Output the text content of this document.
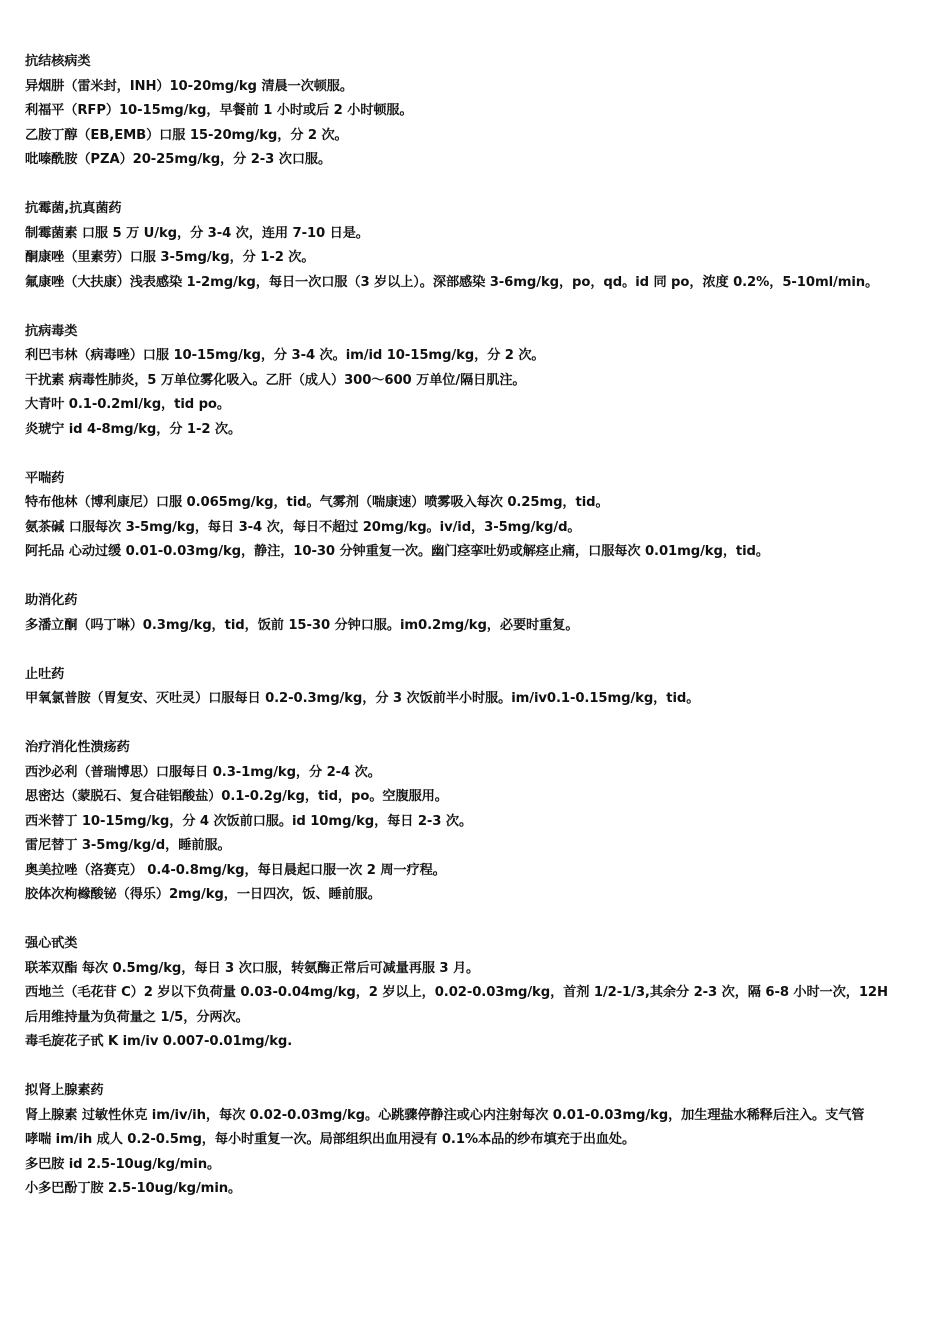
抗结核病类
异烟肼（雷米封，INH）10-20mg/kg 清晨一次顿服。
利福平（RFP）10-15mg/kg，早餐前 1 小时或后 2 小时顿服。
乙胺丁醇（EB,EMB）口服 15-20mg/kg，分 2 次。
吡嗪酰胺（PZA）20-25mg/kg，分 2-3 次口服。
抗霉菌,抗真菌药
制霉菌素 口服 5 万 U/kg，分 3-4 次，连用 7-10 日是。
酮康唑（里素劳）口服 3-5mg/kg，分 1-2 次。
氟康唑（大扶康）浅表感染 1-2mg/kg，每日一次口服（3 岁以上）。深部感染 3-6mg/kg，po，qd。id 同 po，浓度 0.2%，5-10ml/min。
抗病毒类
利巴韦林（病毒唑）口服 10-15mg/kg，分 3-4 次。im/id 10-15mg/kg，分 2 次。
干扰素 病毒性肺炎，5 万单位雾化吸入。乙肝（成人）300～600 万单位/隔日肌注。
大青叶 0.1-0.2ml/kg，tid po。
炎琥宁 id 4-8mg/kg，分 1-2 次。
平喘药
特布他林（博利康尼）口服 0.065mg/kg，tid。气雾剂（喘康速）喷雾吸入每次 0.25mg，tid。
氨茶碱 口服每次 3-5mg/kg，每日 3-4 次，每日不超过 20mg/kg。iv/id，3-5mg/kg/d。
阿托品 心动过缓 0.01-0.03mg/kg，静注，10-30 分钟重复一次。幽门痉挛吐奶或解痉止痛，口服每次 0.01mg/kg，tid。
助消化药
多潘立酮（吗丁啉）0.3mg/kg，tid，饭前 15-30 分钟口服。im0.2mg/kg，必要时重复。
止吐药
甲氧氯普胺（胃复安、灭吐灵）口服每日 0.2-0.3mg/kg，分 3 次饭前半小时服。im/iv0.1-0.15mg/kg，tid。
治疗消化性溃疡药
西沙必利（普瑞博思）口服每日 0.3-1mg/kg，分 2-4 次。
思密达（蒙脱石、复合硅铝酸盐）0.1-0.2g/kg，tid，po。空腹服用。
西米替丁 10-15mg/kg，分 4 次饭前口服。id 10mg/kg，每日 2-3 次。
雷尼替丁 3-5mg/kg/d，睡前服。
奥美拉唑（洛赛克） 0.4-0.8mg/kg，每日晨起口服一次 2 周一疗程。
胶体次枸橼酸铋（得乐）2mg/kg，一日四次，饭、睡前服。
强心甙类
联苯双酯 每次 0.5mg/kg，每日 3 次口服，转氨酶正常后可减量再服 3 月。
西地兰（毛花苷 C）2 岁以下负荷量 0.03-0.04mg/kg，2 岁以上，0.02-0.03mg/kg，首剂 1/2-1/3,其余分 2-3 次，隔 6-8 小时一次，12H
后用维持量为负荷量之 1/5，分两次。
毒毛旋花子甙 K im/iv 0.007-0.01mg/kg.
拟肾上腺素药
肾上腺素 过敏性休克 im/iv/ih，每次 0.02-0.03mg/kg。心跳骤停静注或心内注射每次 0.01-0.03mg/kg，加生理盐水稀释后注入。支气管
哮喘 im/ih 成人 0.2-0.5mg，每小时重复一次。局部组织出血用浸有 0.1%本品的纱布填充于出血处。
多巴胺 id 2.5-10ug/kg/min。
小多巴酚丁胺 2.5-10ug/kg/min。
